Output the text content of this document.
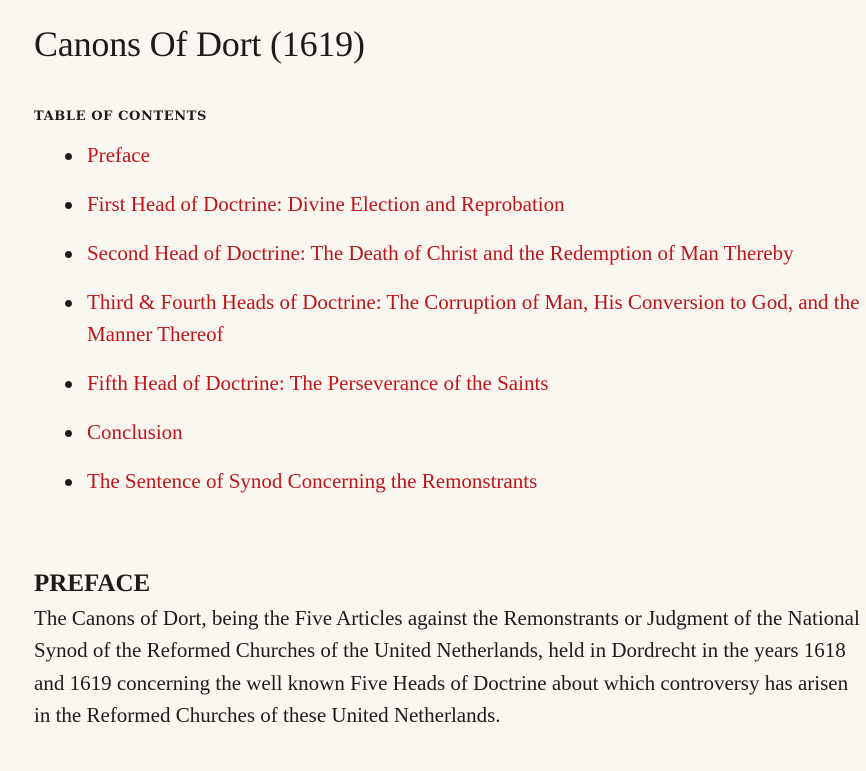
Canons Of Dort (1619)
TABLE OF CONTENTS
Preface
First Head of Doctrine: Divine Election and Reprobation
Second Head of Doctrine: The Death of Christ and the Redemption of Man Thereby
Third & Fourth Heads of Doctrine: The Corruption of Man, His Conversion to God, and the Manner Thereof
Fifth Head of Doctrine: The Perseverance of the Saints
Conclusion
The Sentence of Synod Concerning the Remonstrants
PREFACE

The Canons of Dort, being the Five Articles against the Remonstrants or Judgment of the National Synod of the Reformed Churches of the United Netherlands, held in Dordrecht in the years 1618 and 1619 concerning the well known Five Heads of Doctrine about which controversy has arisen in the Reformed Churches of these United Netherlands.
